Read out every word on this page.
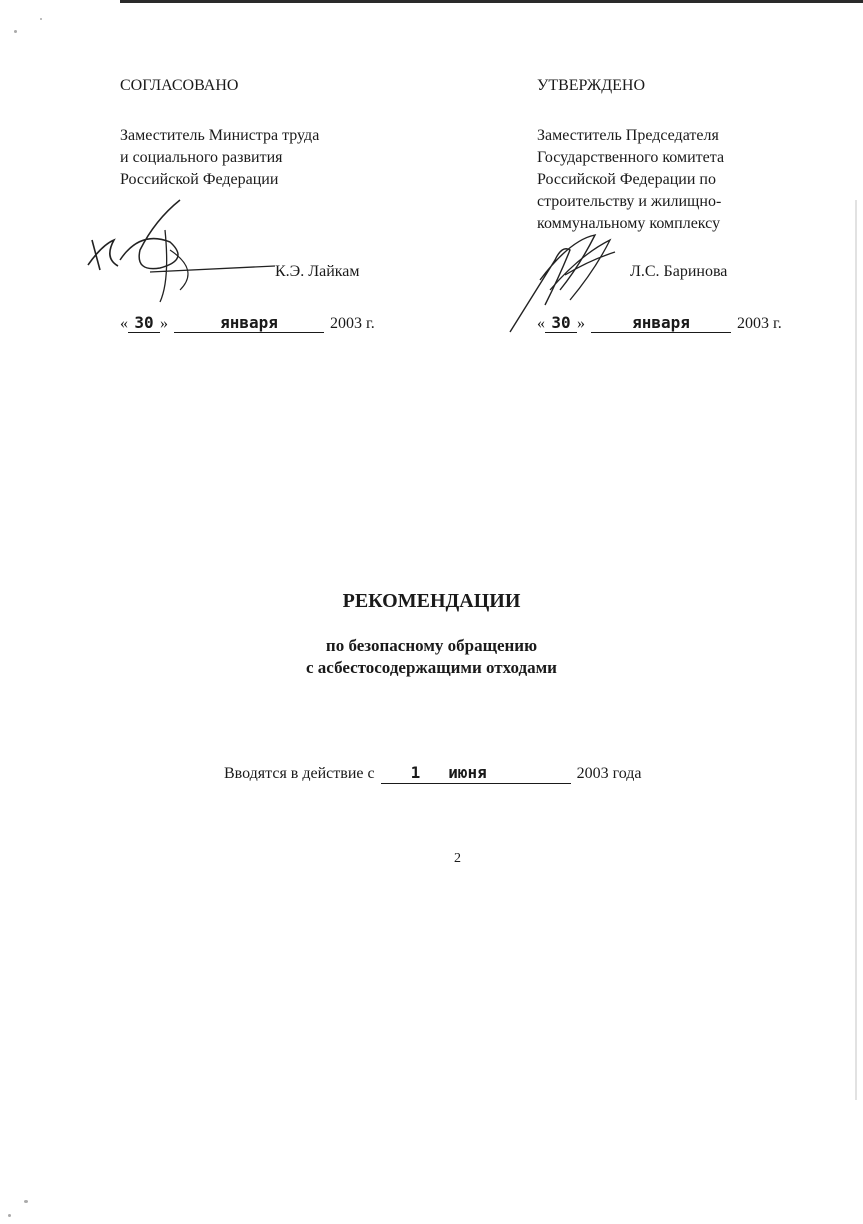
СОГЛАСОВАНО
Заместитель Министра труда
и социального развития
Российской Федерации
К.Э. Лайкам
« 30 »	января	2003 г.
УТВЕРЖДЕНО
Заместитель Председателя
Государственного комитета
Российской Федерации по
строительству и жилищно-
коммунальному комплексу
Л.С. Баринова
« 30 »	января	2003 г.
РЕКОМЕНДАЦИИ
по безопасному обращению
с асбестосодержащими отходами
Вводятся в действие с 1 июня	2003 года
2
